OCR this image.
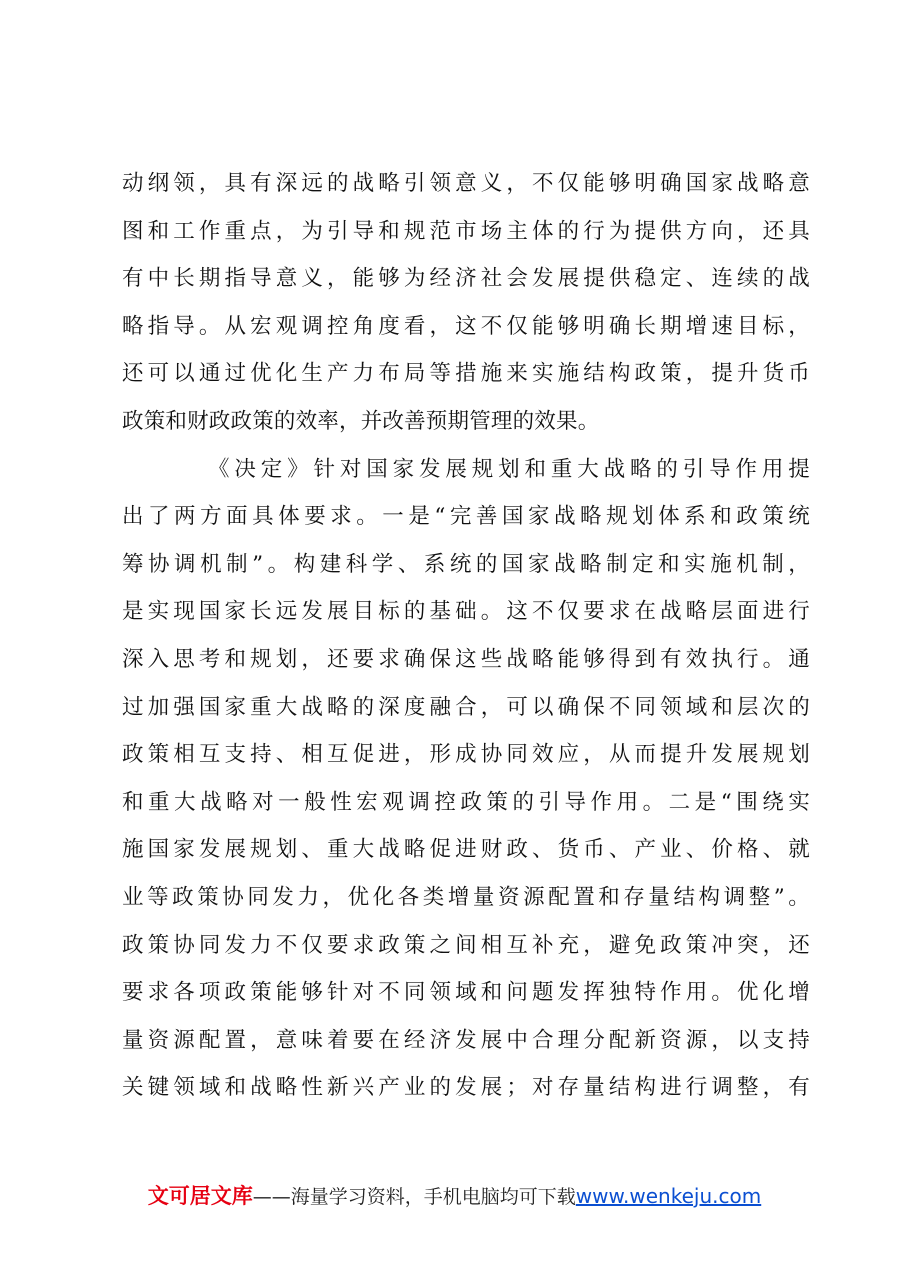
动纲领，具有深远的战略引领意义，不仅能够明确国家战略意
图和工作重点，为引导和规范市场主体的行为提供方向，还具
有中长期指导意义，能够为经济社会发展提供稳定、连续的战
略指导。从宏观调控角度看，这不仅能够明确长期增速目标，
还可以通过优化生产力布局等措施来实施结构政策，提升货币
政策和财政政策的效率，并改善预期管理的效果。
《决定》针对国家发展规划和重大战略的引导作用提
出了两方面具体要求。一是“完善国家战略规划体系和政策统
筹协调机制”。构建科学、系统的国家战略制定和实施机制，
是实现国家长远发展目标的基础。这不仅要求在战略层面进行
深入思考和规划，还要求确保这些战略能够得到有效执行。通
过加强国家重大战略的深度融合，可以确保不同领域和层次的
政策相互支持、相互促进，形成协同效应，从而提升发展规划
和重大战略对一般性宏观调控政策的引导作用。二是“围绕实
施国家发展规划、重大战略促进财政、货币、产业、价格、就
业等政策协同发力，优化各类增量资源配置和存量结构调整”。
政策协同发力不仅要求政策之间相互补充，避免政策冲突，还
要求各项政策能够针对不同领域和问题发挥独特作用。优化增
量资源配置，意味着要在经济发展中合理分配新资源，以支持
关键领域和战略性新兴产业的发展；对存量结构进行调整，有
文可居文库——海量学习资料，手机电脑均可下载www.wenkeju.com
